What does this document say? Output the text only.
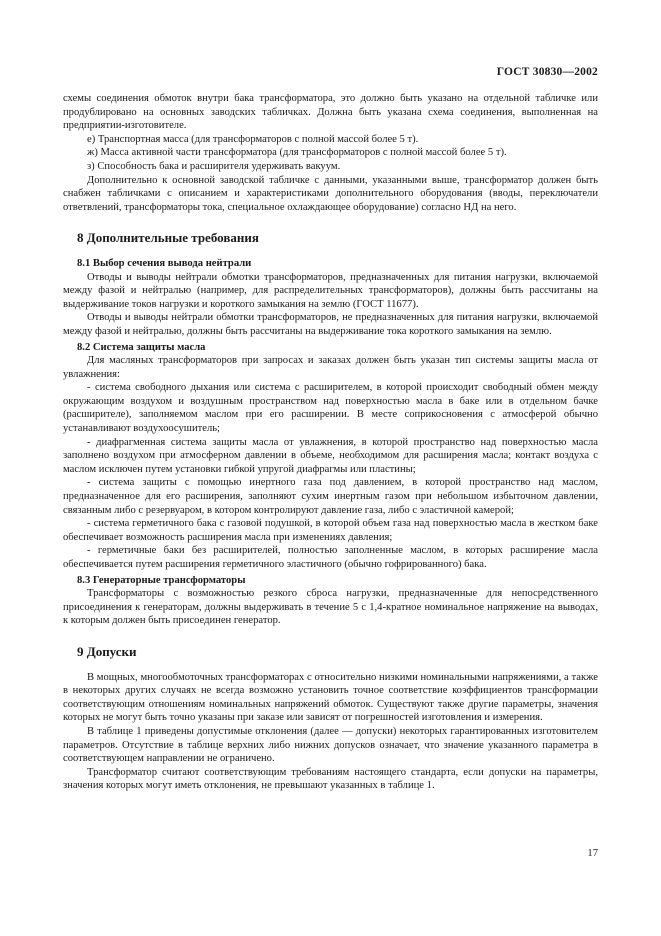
ГОСТ 30830—2002

схемы соединения обмоток внутри бака трансформатора, это должно быть указано на отдельной табличке или продублировано на основных заводских табличках. Должна быть указана схема соединения, выполненная на предприятии-изготовителе.

е) Транспортная масса (для трансформаторов с полной массой более 5 т).

ж) Масса активной части трансформатора (для трансформаторов с полной массой более 5 т).

з) Способность бака и расширителя удерживать вакуум.

Дополнительно к основной заводской табличке с данными, указанными выше, трансформатор должен быть снабжен табличками с описанием и характеристиками дополнительного оборудования (вводы, переключатели ответвлений, трансформаторы тока, специальное охлаждающее оборудование) согласно НД на него.

8 Дополнительные требования
8.1 Выбор сечения вывода нейтрали

Отводы и выводы нейтрали обмотки трансформаторов, предназначенных для питания нагрузки, включаемой между фазой и нейтралью (например, для распределительных трансформаторов), должны быть рассчитаны на выдерживание токов нагрузки и короткого замыкания на землю (ГОСТ 11677).

Отводы и выводы нейтрали обмотки трансформаторов, не предназначенных для питания нагрузки, включаемой между фазой и нейтралью, должны быть рассчитаны на выдерживание тока короткого замыкания на землю.

8.2 Система защиты масла

Для масляных трансформаторов при запросах и заказах должен быть указан тип системы защиты масла от увлажнения:

- система свободного дыхания или система с расширителем, в которой происходит свободный обмен между окружающим воздухом и воздушным пространством над поверхностью масла в баке или в отдельном бачке (расширителе), заполняемом маслом при его расширении. В месте соприкосновения с атмосферой обычно устанавливают воздухоосушитель;

- диафрагменная система защиты масла от увлажнения, в которой пространство над поверхностью масла заполнено воздухом при атмосферном давлении в объеме, необходимом для расширения масла; контакт воздуха с маслом исключен путем установки гибкой упругой диафрагмы или пластины;

- система защиты с помощью инертного газа под давлением, в которой пространство над маслом, предназначенное для его расширения, заполняют сухим инертным газом при небольшом избыточном давлении, связанным либо с резервуаром, в котором контролируют давление газа, либо с эластичной камерой;

- система герметичного бака с газовой подушкой, в которой объем газа над поверхностью масла в жестком баке обеспечивает возможность расширения масла при изменениях давления;

- герметичные баки без расширителей, полностью заполненные маслом, в которых расширение масла обеспечивается путем расширения герметичного эластичного (обычно гофрированного) бака.

8.3 Генераторные трансформаторы

Трансформаторы с возможностью резкого сброса нагрузки, предназначенные для непосредственного присоединения к генераторам, должны выдерживать в течение 5 с 1,4-кратное номинальное напряжение на выводах, к которым должен быть присоединен генератор.

9 Допуски

В мощных, многообмоточных трансформаторах с относительно низкими номинальными напряжениями, а также в некоторых других случаях не всегда возможно установить точное соответствие коэффициентов трансформации соответствующим отношениям номинальных напряжений обмоток. Существуют также другие параметры, значения которых не могут быть точно указаны при заказе или зависят от погрешностей изготовления и измерения.

В таблице 1 приведены допустимые отклонения (далее — допуски) некоторых гарантированных изготовителем параметров. Отсутствие в таблице верхних либо нижних допусков означает, что значение указанного параметра в соответствующем направлении не ограничено.

Трансформатор считают соответствующим требованиям настоящего стандарта, если допуски на параметры, значения которых могут иметь отклонения, не превышают указанных в таблице 1.

17
